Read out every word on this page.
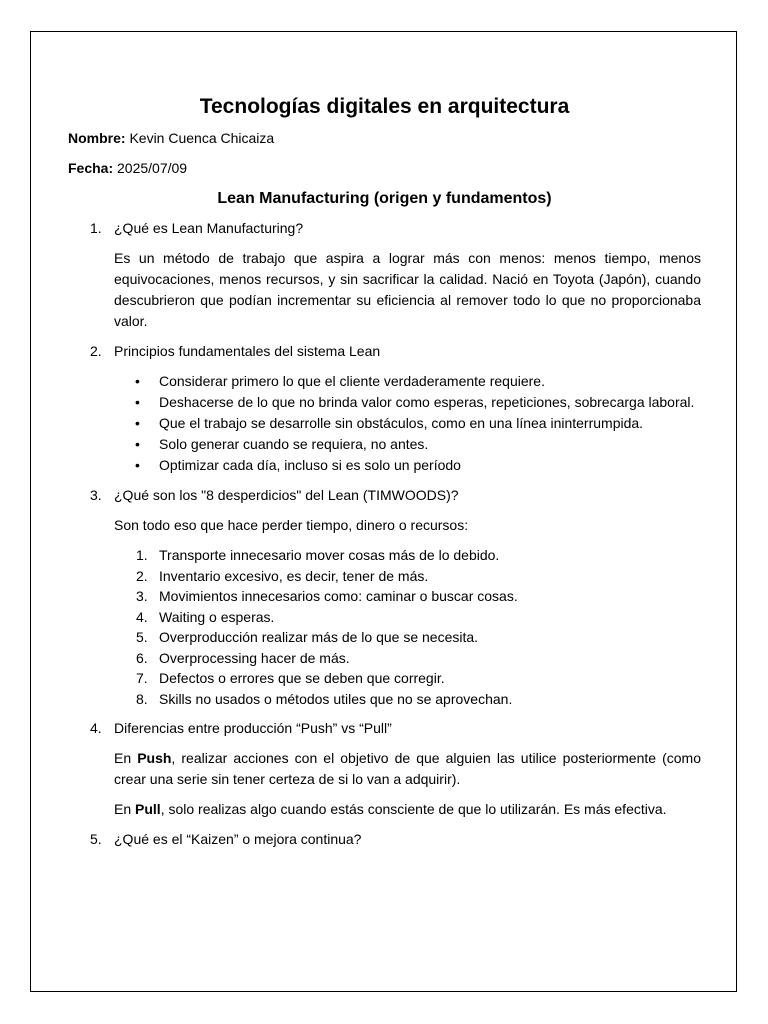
Tecnologías digitales en arquitectura
Nombre: Kevin Cuenca Chicaiza
Fecha: 2025/07/09
Lean Manufacturing (origen y fundamentos)
1. ¿Qué es Lean Manufacturing?
Es un método de trabajo que aspira a lograr más con menos: menos tiempo, menos equivocaciones, menos recursos, y sin sacrificar la calidad. Nació en Toyota (Japón), cuando descubrieron que podían incrementar su eficiencia al remover todo lo que no proporcionaba valor.
2. Principios fundamentales del sistema Lean
• Considerar primero lo que el cliente verdaderamente requiere.
• Deshacerse de lo que no brinda valor como esperas, repeticiones, sobrecarga laboral.
• Que el trabajo se desarrolle sin obstáculos, como en una línea ininterrumpida.
• Solo generar cuando se requiera, no antes.
• Optimizar cada día, incluso si es solo un período
3. ¿Qué son los "8 desperdicios" del Lean (TIMWOODS)?
Son todo eso que hace perder tiempo, dinero o recursos:
1. Transporte innecesario mover cosas más de lo debido.
2. Inventario excesivo, es decir, tener de más.
3. Movimientos innecesarios como: caminar o buscar cosas.
4. Waiting o esperas.
5. Overproducción realizar más de lo que se necesita.
6. Overprocessing hacer de más.
7. Defectos o errores que se deben que corregir.
8. Skills no usados o métodos utiles que no se aprovechan.
4. Diferencias entre producción “Push” vs “Pull”
En Push, realizar acciones con el objetivo de que alguien las utilice posteriormente (como crear una serie sin tener certeza de si lo van a adquirir).
En Pull, solo realizas algo cuando estás consciente de que lo utilizarán. Es más efectiva.
5. ¿Qué es el “Kaizen” o mejora continua?
